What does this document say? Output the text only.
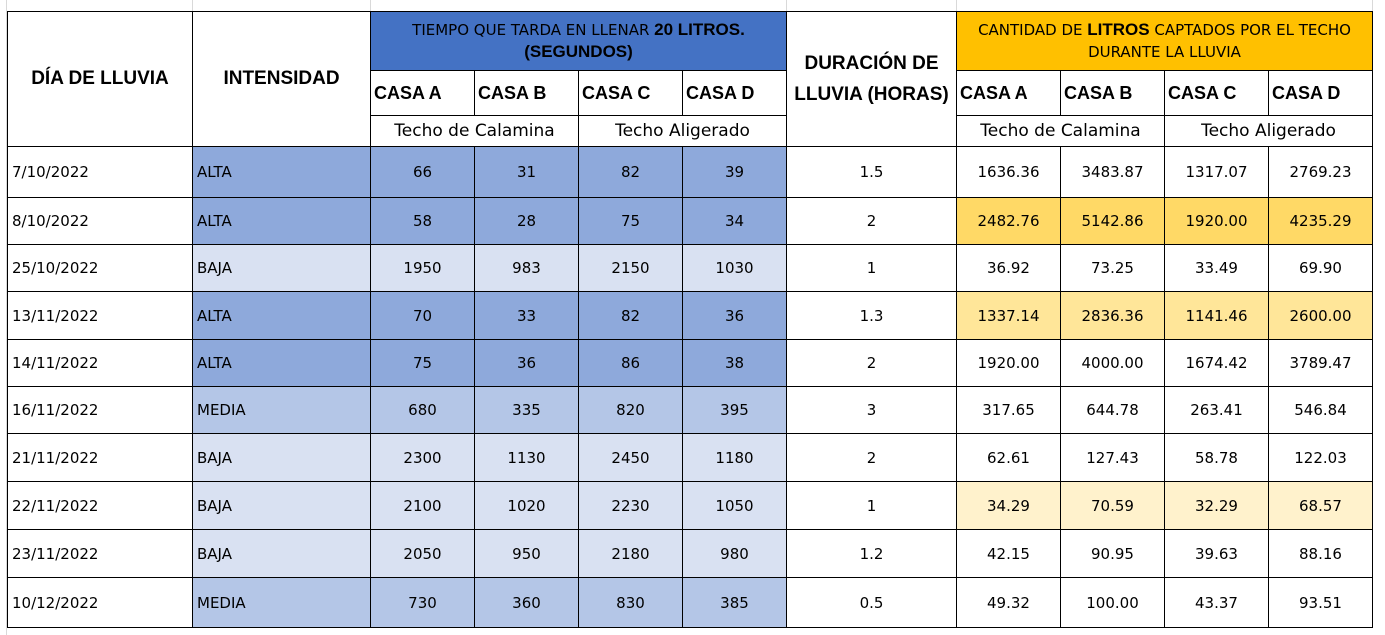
DÍA DE LLUVIA	INTENSIDAD	TIEMPO QUE TARDA EN LLENAR 20 LITROS. (SEGUNDOS)				DURACIÓN DE LLUVIA (HORAS)	CANTIDAD DE LITROS CAPTADOS POR EL TECHO DURANTE LA LLUVIA			
		CASA A	CASA B	CASA C	CASA D		CASA A	CASA B	CASA C	CASA D
		Techo de Calamina		Techo Aligerado			Techo de Calamina		Techo Aligerado	
7/10/2022	ALTA	66	31	82	39	1.5	1636.36	3483.87	1317.07	2769.23
8/10/2022	ALTA	58	28	75	34	2	2482.76	5142.86	1920.00	4235.29
25/10/2022	BAJA	1950	983	2150	1030	1	36.92	73.25	33.49	69.90
13/11/2022	ALTA	70	33	82	36	1.3	1337.14	2836.36	1141.46	2600.00
14/11/2022	ALTA	75	36	86	38	2	1920.00	4000.00	1674.42	3789.47
16/11/2022	MEDIA	680	335	820	395	3	317.65	644.78	263.41	546.84
21/11/2022	BAJA	2300	1130	2450	1180	2	62.61	127.43	58.78	122.03
22/11/2022	BAJA	2100	1020	2230	1050	1	34.29	70.59	32.29	68.57
23/11/2022	BAJA	2050	950	2180	980	1.2	42.15	90.95	39.63	88.16
10/12/2022	MEDIA	730	360	830	385	0.5	49.32	100.00	43.37	93.51
